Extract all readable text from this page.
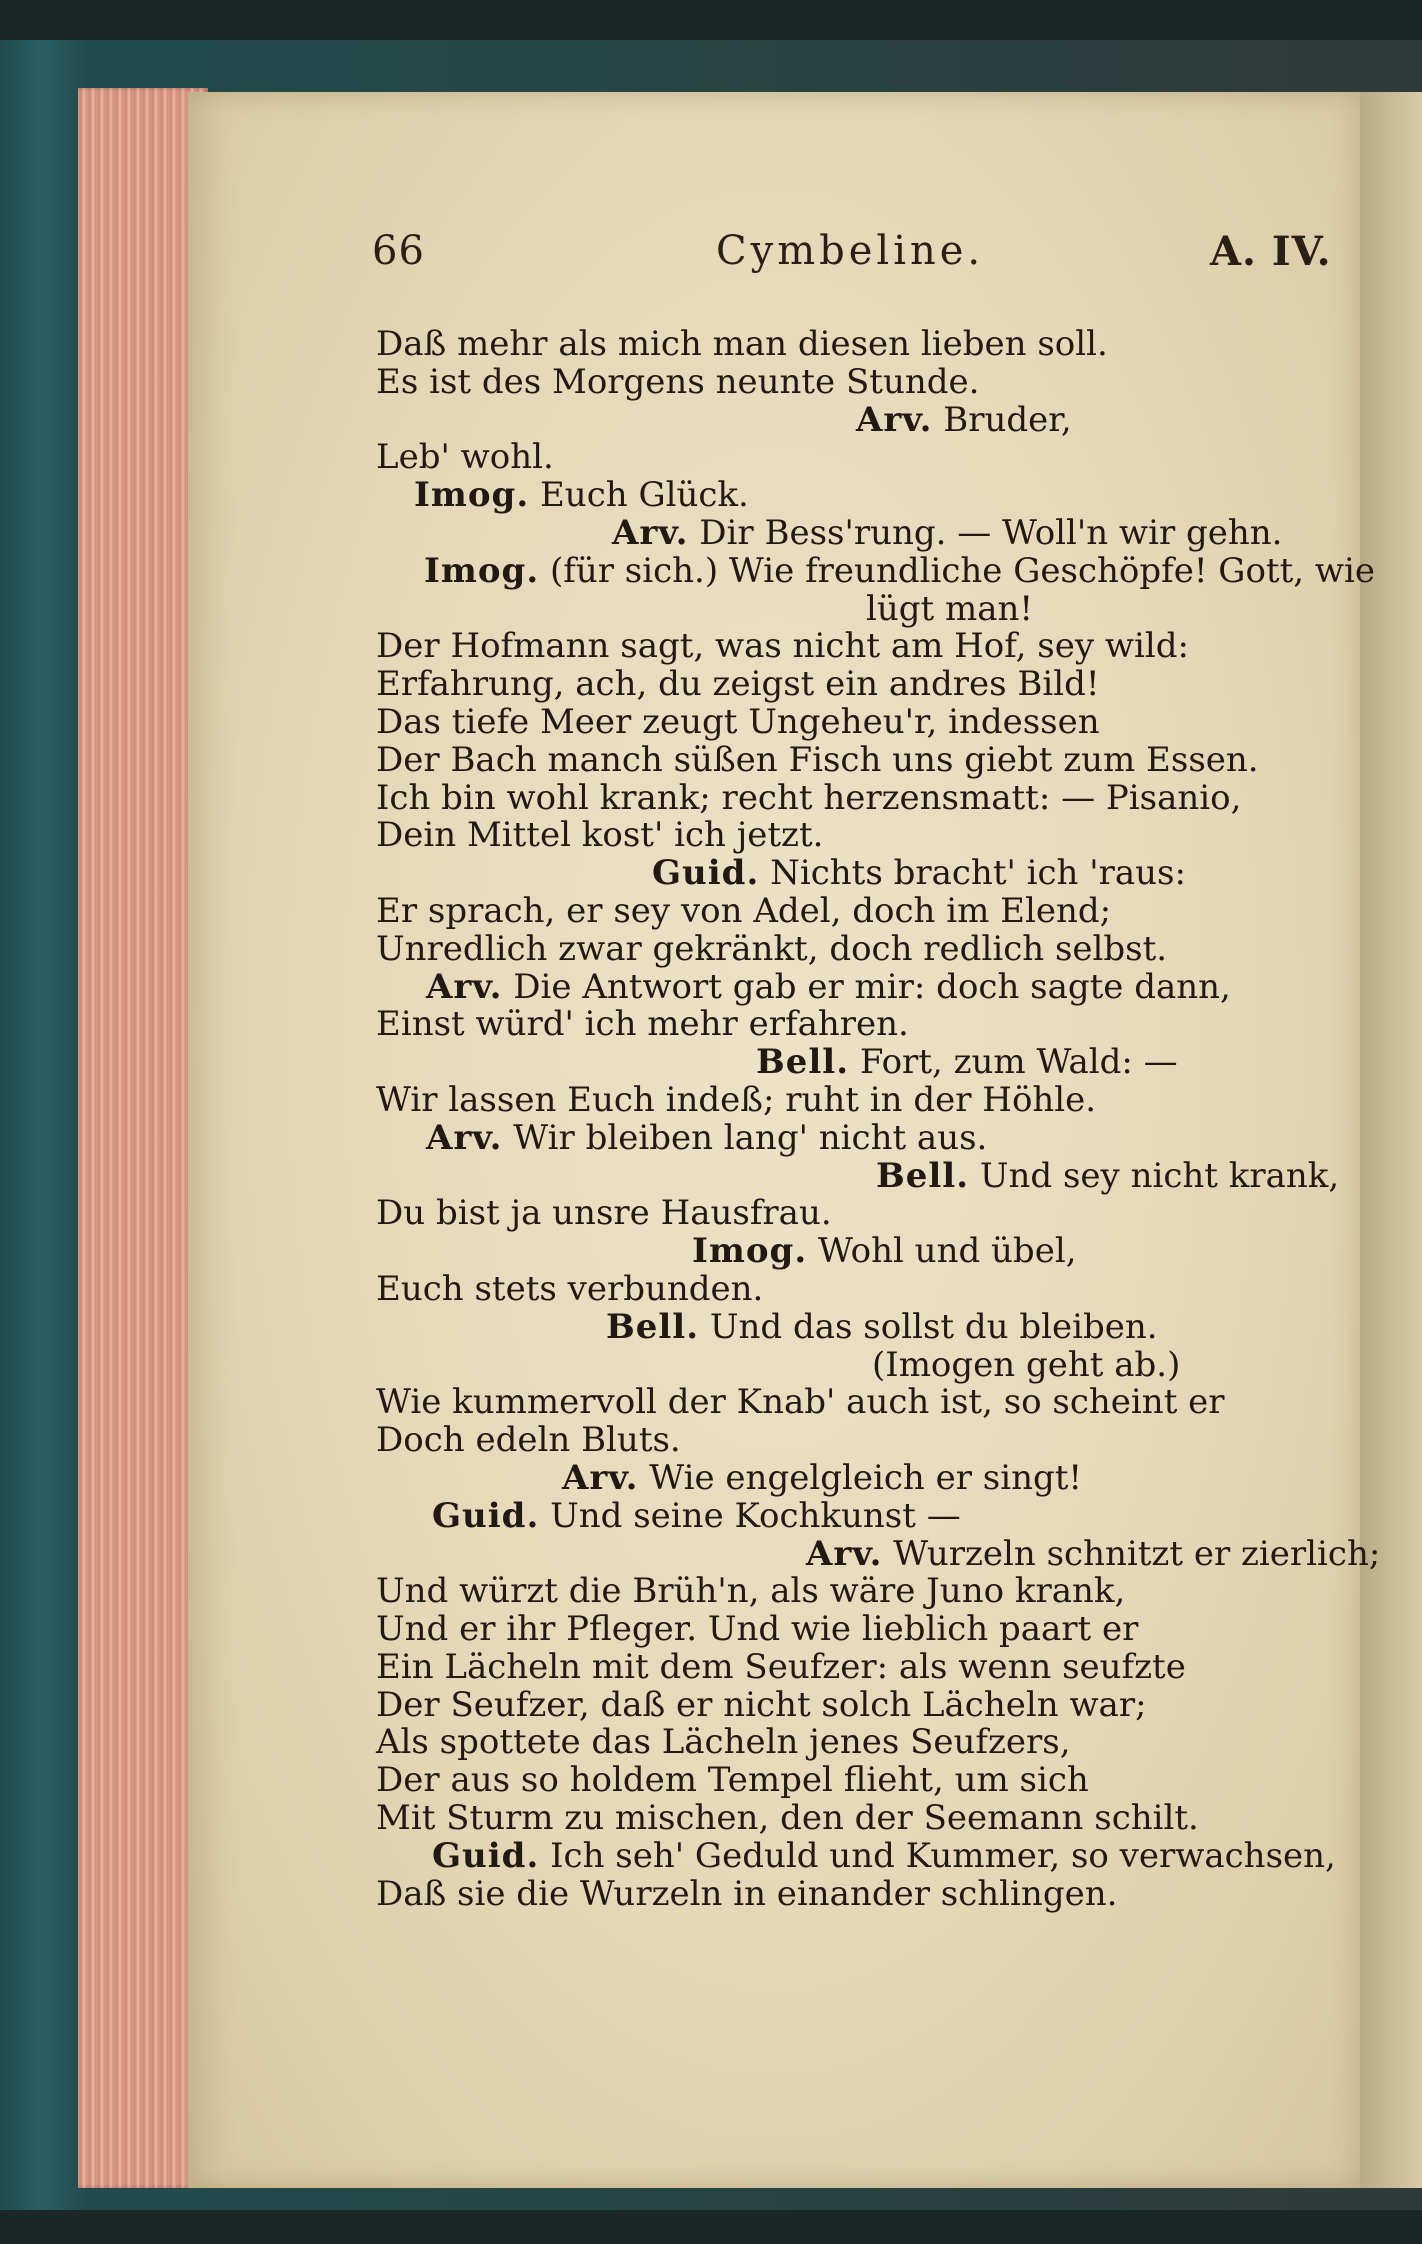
66	Cymbeline.	A. IV.
Daß mehr als mich man diesen lieben soll.
Es ist des Morgens neunte Stunde.
Arv. Bruder,
Leb' wohl.
Imog. Euch Glück.
Arv. Dir Bess'rung. — Woll'n wir gehn.
Imog. (für sich.) Wie freundliche Geschöpfe! Gott, wie
lügt man!
Der Hofmann sagt, was nicht am Hof, sey wild:
Erfahrung, ach, du zeigst ein andres Bild!
Das tiefe Meer zeugt Ungeheu'r, indessen
Der Bach manch süßen Fisch uns giebt zum Essen.
Ich bin wohl krank; recht herzensmatt: — Pisanio,
Dein Mittel kost' ich jetzt.
Guid. Nichts bracht' ich 'raus:
Er sprach, er sey von Adel, doch im Elend;
Unredlich zwar gekränkt, doch redlich selbst.
Arv. Die Antwort gab er mir: doch sagte dann,
Einst würd' ich mehr erfahren.
Bell. Fort, zum Wald: —
Wir lassen Euch indeß; ruht in der Höhle.
Arv. Wir bleiben lang' nicht aus.
Bell. Und sey nicht krank,
Du bist ja unsre Hausfrau.
Imog. Wohl und übel,
Euch stets verbunden.
Bell. Und das sollst du bleiben.
(Imogen geht ab.)
Wie kummervoll der Knab' auch ist, so scheint er
Doch edeln Bluts.
Arv. Wie engelgleich er singt!
Guid. Und seine Kochkunst —
Arv. Wurzeln schnitzt er zierlich;
Und würzt die Brüh'n, als wäre Juno krank,
Und er ihr Pfleger. Und wie lieblich paart er
Ein Lächeln mit dem Seufzer: als wenn seufzte
Der Seufzer, daß er nicht solch Lächeln war;
Als spottete das Lächeln jenes Seufzers,
Der aus so holdem Tempel flieht, um sich
Mit Sturm zu mischen, den der Seemann schilt.
Guid. Ich seh' Geduld und Kummer, so verwachsen,
Daß sie die Wurzeln in einander schlingen.
